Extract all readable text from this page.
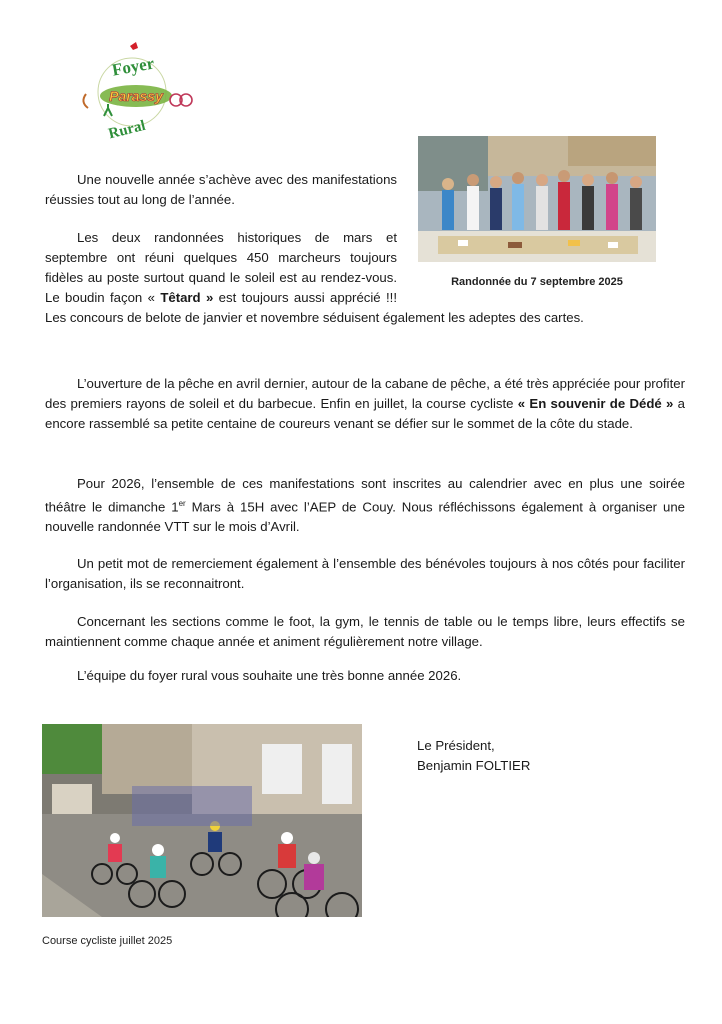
Foyer
Parassy
Rural
Randonnée du 7 septembre 2025

Une nouvelle année s’achève avec des manifestations réussies tout au long de l’année.

Les deux randonnées historiques de mars et septembre ont réuni quelques 450 marcheurs toujours fidèles au poste surtout quand le soleil est au rendez-vous. Le boudin façon « Têtard » est toujours aussi apprécié !!! Les concours de belote de janvier et novembre séduisent également les adeptes des cartes.

L’ouverture de la pêche en avril dernier, autour de la cabane de pêche, a été très appréciée pour profiter des premiers rayons de soleil et du barbecue. Enfin en juillet, la course cycliste « En souvenir de Dédé » a encore rassemblé sa petite centaine de coureurs venant se défier sur le sommet de la côte du stade.

Pour 2026, l’ensemble de ces manifestations sont inscrites au calendrier avec en plus une soirée théâtre le dimanche 1er Mars à 15H avec l’AEP de Couy. Nous réfléchissons également à organiser une nouvelle randonnée VTT sur le mois d’Avril.

Un petit mot de remerciement également à l’ensemble des bénévoles toujours à nos côtés pour faciliter l’organisation, ils se reconnaitront.

Concernant les sections comme le foot, la gym, le tennis de table ou le temps libre, leurs effectifs se maintiennent comme chaque année et animent régulièrement notre village.

L’équipe du foyer rural vous souhaite une très bonne année 2026.

Course cycliste juillet 2025
Le Président,
Benjamin FOLTIER
